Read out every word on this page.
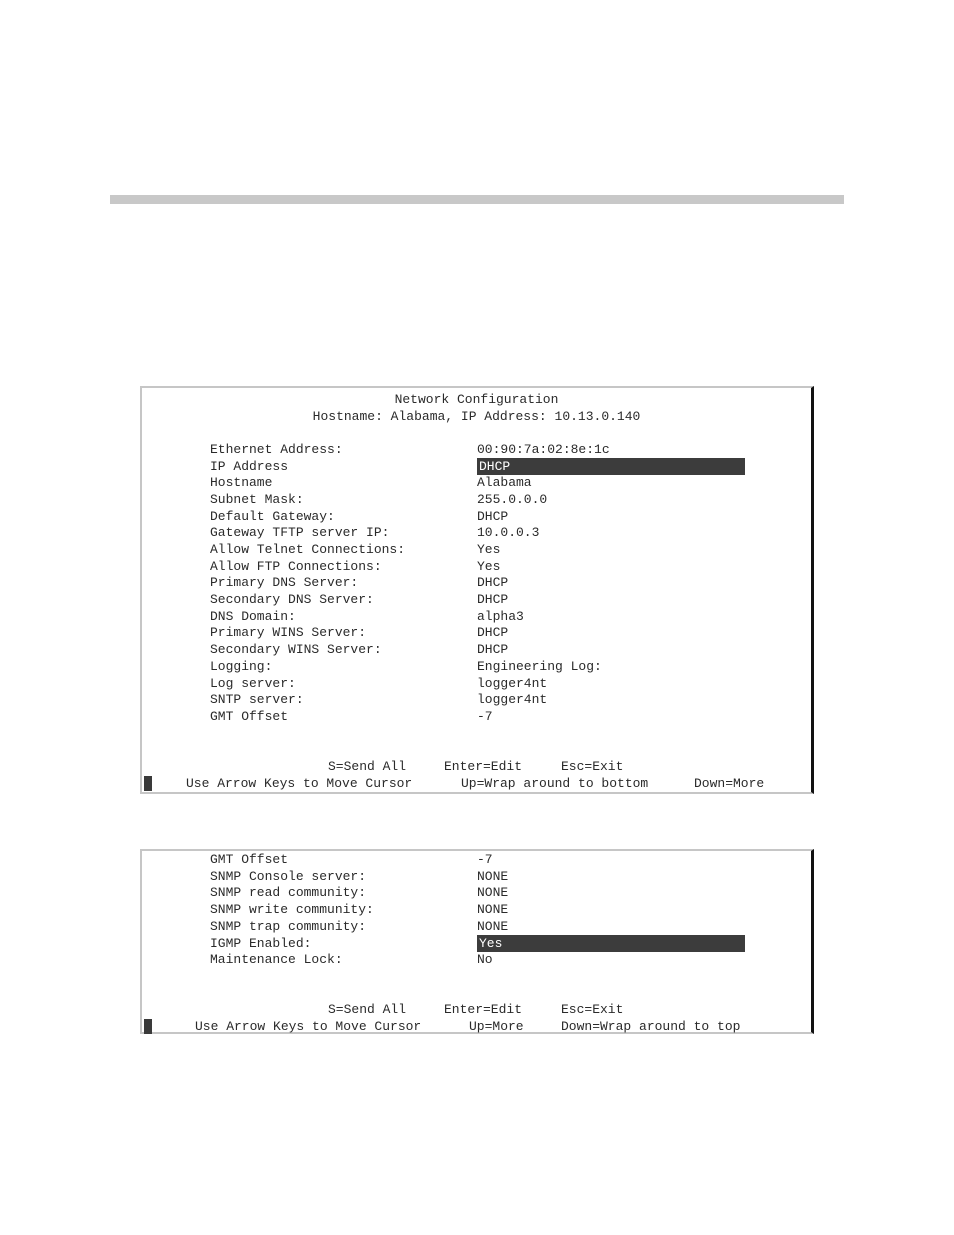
Network Configuration
Hostname: Alabama, IP Address: 10.13.0.140
Ethernet Address:	00:90:7a:02:8e:1c
IP Address	DHCP
Hostname	Alabama
Subnet Mask:	255.0.0.0
Default Gateway:	DHCP
Gateway TFTP server IP:	10.0.0.3
Allow Telnet Connections:	Yes
Allow FTP Connections:	Yes
Primary DNS Server:	DHCP
Secondary DNS Server:	DHCP
DNS Domain:	alpha3
Primary WINS Server:	DHCP
Secondary WINS Server:	DHCP
Logging:	Engineering Log:
Log server:	logger4nt
SNTP server:	logger4nt
GMT Offset	-7
S=Send All	Enter=Edit	Esc=Exit
Use Arrow Keys to Move Cursor	Up=Wrap around to bottom	Down=More
GMT Offset	-7
SNMP Console server:	NONE
SNMP read community:	NONE
SNMP write community:	NONE
SNMP trap community:	NONE
IGMP Enabled:	Yes
Maintenance Lock:	No
S=Send All	Enter=Edit	Esc=Exit
Use Arrow Keys to Move Cursor	Up=More	Down=Wrap around to top
